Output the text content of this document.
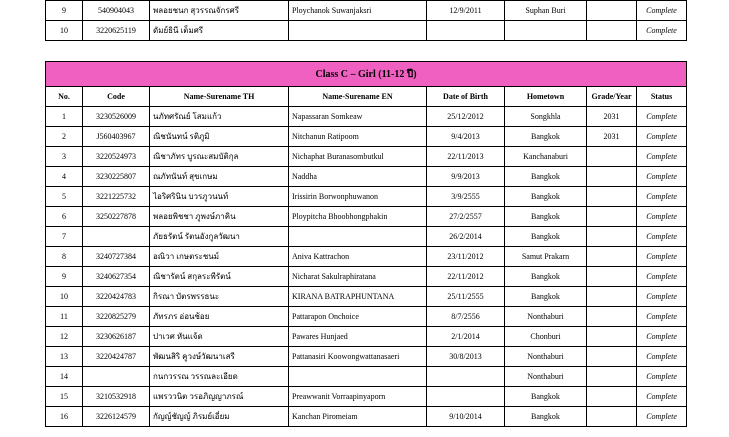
9	540904043	พลอยชนก สุวรรณจักรศรี	Ploychanok Suwanjaksri	12/9/2011	Suphan Buri		Complete
10	3220625119	ดัมย์ธินี เต็มศรี					Complete
Class C – Girl (11-12 ปี)							
No.	Code	Name-Surename TH	Name-Surename EN	Date of Birth	Hometown	Grade/Year	Status
1	3230526009	นภัทศรัณย์ โสมแก้ว	Napassaran Somkeaw	25/12/2012	Songkhla	2031	Complete
2	J560403967	ณิชนันทน์ รติภูมิ	Nitchanun Ratipoom	9/4/2013	Bangkok	2031	Complete
3	3220524973	ณิชาภัทร บูรณะสมบัติกุล	Nichaphat Buranasombutkul	22/11/2013	Kanchanaburi		Complete
4	3230225807	ณภัทนันท์ สุขเกษม	Naddha	9/9/2013	Bangkok		Complete
5	3221225732	ไอริศรินิน บวรภูวนนท์	Irissirin Borwonphuwanon	3/9/2555	Bangkok		Complete
6	3250227878	พลอยพิชชา ภูพงษ์ภาคิน	Ploypitcha Bhoobhongphakin	27/2/2557	Bangkok		Complete
7		ภัยธรัตน์ รัตนอังกูลวัฒนา		26/2/2014	Bangkok		Complete
8	3240727384	อณิวา เกษตระชนม์	Aniva Kattrachon	23/11/2012	Samut Prakarn		Complete
9	3240627354	ณิชารัตน์ สกุลระพีรัตน์	Nicharat Sakulraphiratana	22/11/2012	Bangkok		Complete
10	3220424783	กิรณา บัตรพรรธนะ	KIRANA BATRAPHUNTANA	25/11/2555	Bangkok		Complete
11	3220825279	ภัทรภร อ่อนช้อย	Pattarapon Onchoice	8/7/2556	Nonthaburi		Complete
12	3230626187	ปาเวศ หันแจ้ด	Pawares Hunjaed	2/1/2014	Chonburi		Complete
13	3220424787	พัฒนสิริ คูวงษ์วัฒนาเสรี	Pattanasiri Koowongwattanasaeri	30/8/2013	Nonthaburi		Complete
14		กนกวรรณ วรรณละเอียด			Nonthaburi		Complete
15	3210532918	แพรววนิต วรอภิญญาภรณ์	Preawwanit Vorraapinyaporn		Bangkok		Complete
16	3226124579	กัญญ์ชัญญ์ ภิรมย์เอี่ยม	Kanchan Piromeiam	9/10/2014	Bangkok		Complete
